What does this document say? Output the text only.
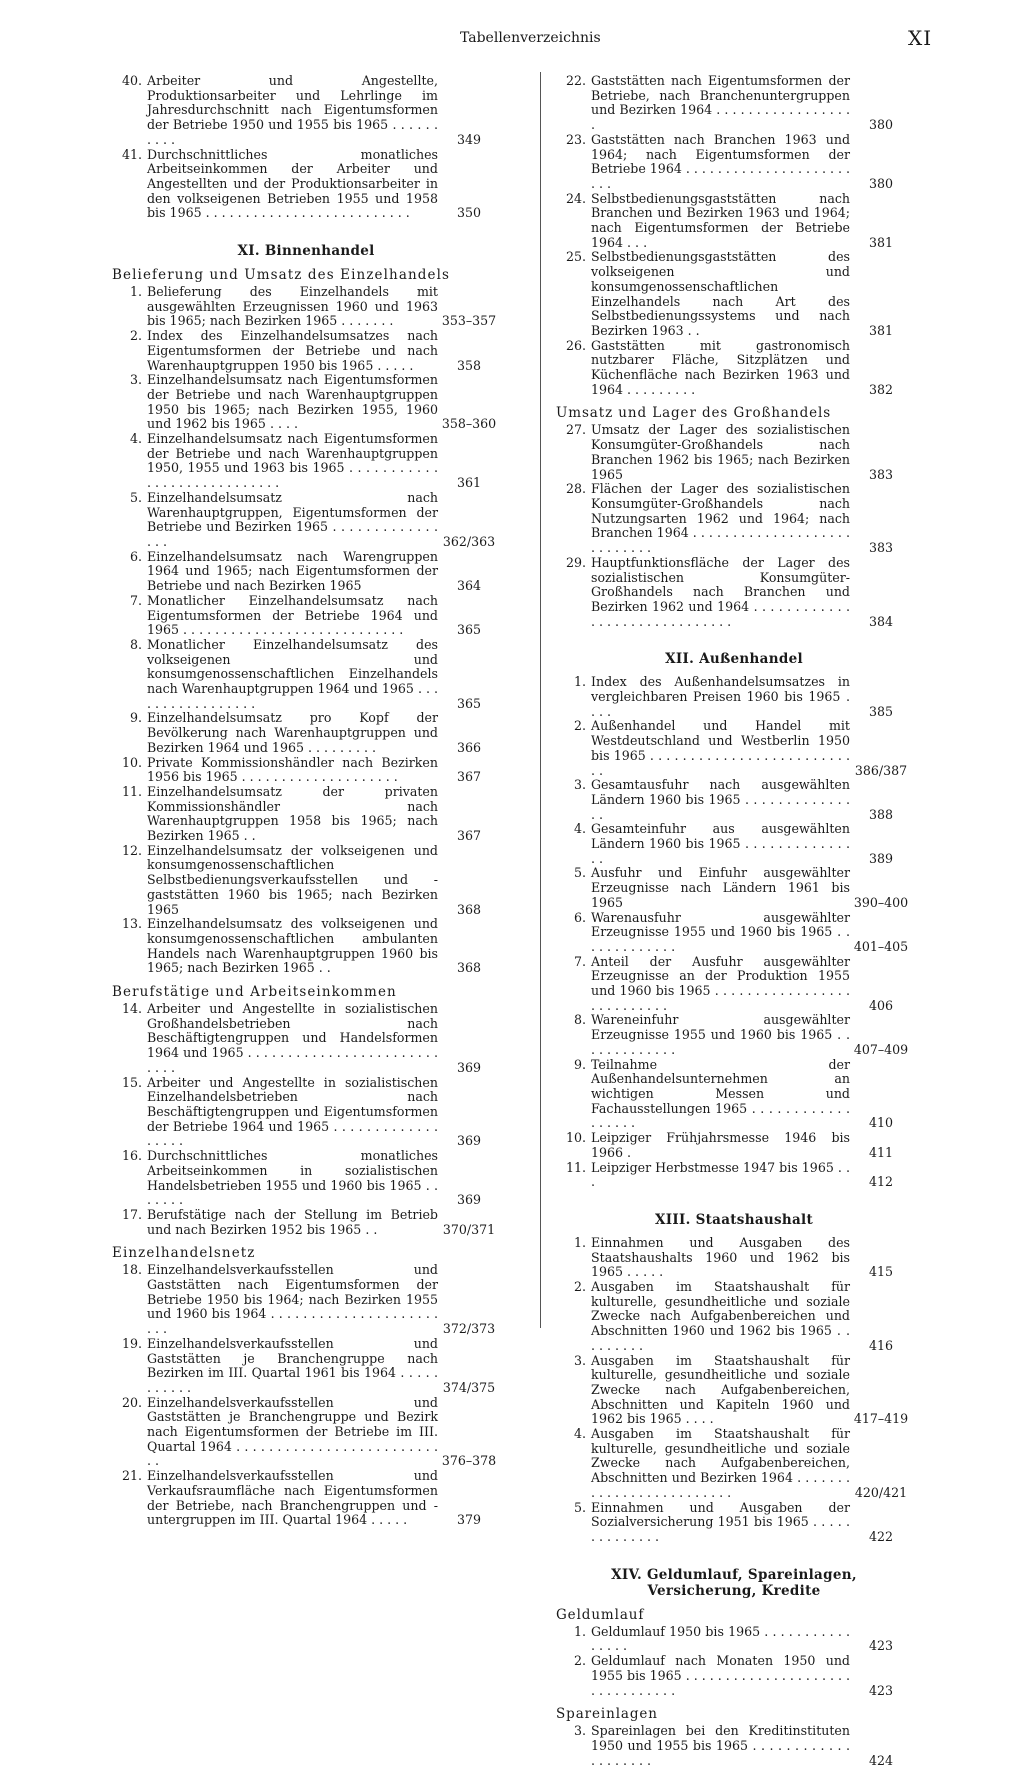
Tabellenverzeichnis	XI
40. Arbeiter und Angestellte, Produktionsarbeiter und Lehrlinge im Jahresdurchschnitt nach Eigentumsformen der Betriebe 1950 und 1955 bis 1965 . . . . . . . . . .	349
41. Durchschnittliches monatliches Arbeitseinkommen der Arbeiter und Angestellten und der Produktionsarbeiter in den volkseigenen Betrieben 1955 und 1958 bis 1965 . . . . . . . . . . . . . . . . . . . . . . . . . .	350
XI. Binnenhandel
Belieferung und Umsatz des Einzelhandels
1. Belieferung des Einzelhandels mit ausgewählten Erzeugnissen 1960 und 1963 bis 1965; nach Bezirken 1965 . . . . . . .	353–357
2. Index des Einzelhandelsumsatzes nach Eigentumsformen der Betriebe und nach Warenhauptgruppen 1950 bis 1965 . . . . .	358
3. Einzelhandelsumsatz nach Eigentumsformen der Betriebe und nach Warenhauptgruppen 1950 bis 1965; nach Bezirken 1955, 1960 und 1962 bis 1965 . . . .	358–360
4. Einzelhandelsumsatz nach Eigentumsformen der Betriebe und nach Warenhauptgruppen 1950, 1955 und 1963 bis 1965 . . . . . . . . . . . . . . . . . . . . . . . . . . . .	361
5. Einzelhandelsumsatz nach Warenhauptgruppen, Eigentumsformen der Betriebe und Bezirken 1965 . . . . . . . . . . . . . . . .	362/363
6. Einzelhandelsumsatz nach Warengruppen 1964 und 1965; nach Eigentumsformen der Betriebe und nach Bezirken 1965	364
7. Monatlicher Einzelhandelsumsatz nach Eigentumsformen der Betriebe 1964 und 1965 . . . . . . . . . . . . . . . . . . . . . . . . . . . .	365
8. Monatlicher Einzelhandelsumsatz des volkseigenen und konsumgenossenschaftlichen Einzelhandels nach Warenhauptgruppen 1964 und 1965 . . . . . . . . . . . . . . . . .	365
9. Einzelhandelsumsatz pro Kopf der Bevölkerung nach Warenhauptgruppen und Bezirken 1964 und 1965 . . . . . . . . .	366
10. Private Kommissionshändler nach Bezirken 1956 bis 1965 . . . . . . . . . . . . . . . . . . . .	367
11. Einzelhandelsumsatz der privaten Kommissionshändler nach Warenhauptgruppen 1958 bis 1965; nach Bezirken 1965 . .	367
12. Einzelhandelsumsatz der volkseigenen und konsumgenossenschaftlichen Selbstbedienungsverkaufsstellen und -gaststätten 1960 bis 1965; nach Bezirken 1965	368
13. Einzelhandelsumsatz des volkseigenen und konsumgenossenschaftlichen ambulanten Handels nach Warenhauptgruppen 1960 bis 1965; nach Bezirken 1965 . .	368
Berufstätige und Arbeitseinkommen
14. Arbeiter und Angestellte in sozialistischen Großhandelsbetrieben nach Beschäftigtengruppen und Handelsformen 1964 und 1965 . . . . . . . . . . . . . . . . . . . . . . . . . . . .	369
15. Arbeiter und Angestellte in sozialistischen Einzelhandelsbetrieben nach Beschäftigtengruppen und Eigentumsformen der Betriebe 1964 und 1965 . . . . . . . . . . . . . . . . . .	369
16. Durchschnittliches monatliches Arbeitseinkommen in sozialistischen Handelsbetrieben 1955 und 1960 bis 1965 . . . . . . .	369
17. Berufstätige nach der Stellung im Betrieb und nach Bezirken 1952 bis 1965 . .	370/371
Einzelhandelsnetz
18. Einzelhandelsverkaufsstellen und Gaststätten nach Eigentumsformen der Betriebe 1950 bis 1964; nach Bezirken 1955 und 1960 bis 1964 . . . . . . . . . . . . . . . . . . . . . . . .	372/373
19. Einzelhandelsverkaufsstellen und Gaststätten je Branchengruppe nach Bezirken im III. Quartal 1961 bis 1964 . . . . . . . . . . .	374/375
20. Einzelhandelsverkaufsstellen und Gaststätten je Branchengruppe und Bezirk nach Eigentumsformen der Betriebe im III. Quartal 1964 . . . . . . . . . . . . . . . . . . . . . . . . . . .	376–378
21. Einzelhandelsverkaufsstellen und Verkaufsraumfläche nach Eigentumsformen der Betriebe, nach Branchengruppen und -untergruppen im III. Quartal 1964 . . . . .	379
22. Gaststätten nach Eigentumsformen der Betriebe, nach Branchenuntergruppen und Bezirken 1964 . . . . . . . . . . . . . . . . . .	380
23. Gaststätten nach Branchen 1963 und 1964; nach Eigentumsformen der Betriebe 1964 . . . . . . . . . . . . . . . . . . . . . . . .	380
24. Selbstbedienungsgaststätten nach Branchen und Bezirken 1963 und 1964; nach Eigentumsformen der Betriebe 1964 . . .	381
25. Selbstbedienungsgaststätten des volkseigenen und konsumgenossenschaftlichen Einzelhandels nach Art des Selbstbedienungssystems und nach Bezirken 1963 . .	381
26. Gaststätten mit gastronomisch nutzbarer Fläche, Sitzplätzen und Küchenfläche nach Bezirken 1963 und 1964 . . . . . . . . .	382
Umsatz und Lager des Großhandels
27. Umsatz der Lager des sozialistischen Konsumgüter-Großhandels nach Branchen 1962 bis 1965; nach Bezirken 1965	383
28. Flächen der Lager des sozialistischen Konsumgüter-Großhandels nach Nutzungsarten 1962 und 1964; nach Branchen 1964 . . . . . . . . . . . . . . . . . . . . . . . . . . . .	383
29. Hauptfunktionsfläche der Lager des sozialistischen Konsumgüter-Großhandels nach Branchen und Bezirken 1962 und 1964 . . . . . . . . . . . . . . . . . . . . . . . . . . . . . .	384
XII. Außenhandel
1. Index des Außenhandelsumsatzes in vergleichbaren Preisen 1960 bis 1965 . . . .	385
2. Außenhandel und Handel mit Westdeutschland und Westberlin 1950 bis 1965 . . . . . . . . . . . . . . . . . . . . . . . . . . .	386/387
3. Gesamtausfuhr nach ausgewählten Ländern 1960 bis 1965 . . . . . . . . . . . . . . .	388
4. Gesamteinfuhr aus ausgewählten Ländern 1960 bis 1965 . . . . . . . . . . . . . . .	389
5. Ausfuhr und Einfuhr ausgewählter Erzeugnisse nach Ländern 1961 bis 1965	390–400
6. Warenausfuhr ausgewählter Erzeugnisse 1955 und 1960 bis 1965 . . . . . . . . . . . . .	401–405
7. Anteil der Ausfuhr ausgewählter Erzeugnisse an der Produktion 1955 und 1960 bis 1965 . . . . . . . . . . . . . . . . . . . . . . . . . . .	406
8. Wareneinfuhr ausgewählter Erzeugnisse 1955 und 1960 bis 1965 . . . . . . . . . . . . .	407–409
9. Teilnahme der Außenhandelsunternehmen an wichtigen Messen und Fachausstellungen 1965 . . . . . . . . . . . . . . . . . .	410
10. Leipziger Frühjahrsmesse 1946 bis 1966 .	411
11. Leipziger Herbstmesse 1947 bis 1965 . . .	412
XIII. Staatshaushalt
1. Einnahmen und Ausgaben des Staatshaushalts 1960 und 1962 bis 1965 . . . . .	415
2. Ausgaben im Staatshaushalt für kulturelle, gesundheitliche und soziale Zwecke nach Aufgabenbereichen und Abschnitten 1960 und 1962 bis 1965 . . . . . . . . .	416
3. Ausgaben im Staatshaushalt für kulturelle, gesundheitliche und soziale Zwecke nach Aufgabenbereichen, Abschnitten und Kapiteln 1960 und 1962 bis 1965 . . . .	417–419
4. Ausgaben im Staatshaushalt für kulturelle, gesundheitliche und soziale Zwecke nach Aufgabenbereichen, Abschnitten und Bezirken 1964 . . . . . . . . . . . . . . . . . . . . . . . . .	420/421
5. Einnahmen und Ausgaben der Sozialversicherung 1951 bis 1965 . . . . . . . . . . . . . .	422
XIV. Geldumlauf, Spareinlagen,
Versicherung, Kredite
Geldumlauf
1. Geldumlauf 1950 bis 1965 . . . . . . . . . . . . . . . .	423
2. Geldumlauf nach Monaten 1950 und 1955 bis 1965 . . . . . . . . . . . . . . . . . . . . . . . . . . . . . . . .	423
Spareinlagen
3. Spareinlagen bei den Kreditinstituten 1950 und 1955 bis 1965 . . . . . . . . . . . . . . . . . . . .	424
